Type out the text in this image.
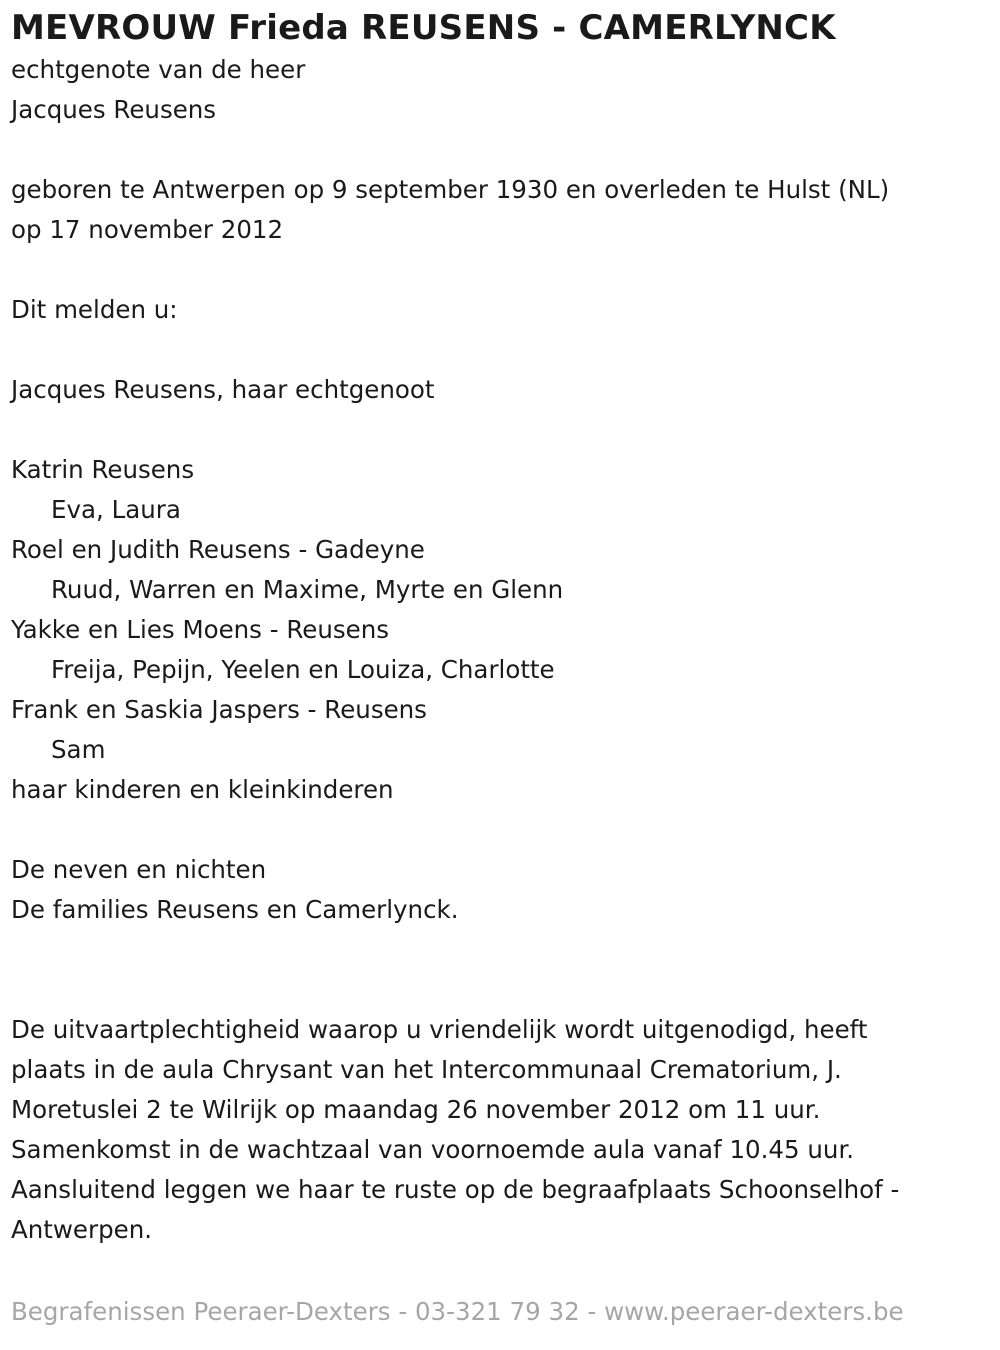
MEVROUW Frieda REUSENS - CAMERLYNCK
echtgenote van de heer
Jacques Reusens
geboren te Antwerpen op 9 september 1930 en overleden te Hulst (NL)
op 17 november 2012
Dit melden u:
Jacques Reusens, haar echtgenoot
Katrin Reusens
Eva, Laura
Roel en Judith Reusens - Gadeyne
Ruud, Warren en Maxime, Myrte en Glenn
Yakke en Lies Moens - Reusens
Freija, Pepijn, Yeelen en Louiza, Charlotte
Frank en Saskia Jaspers - Reusens
Sam
haar kinderen en kleinkinderen
De neven en nichten
De families Reusens en Camerlynck.
De uitvaartplechtigheid waarop u vriendelijk wordt uitgenodigd, heeft
plaats in de aula Chrysant van het Intercommunaal Crematorium, J.
Moretuslei 2 te Wilrijk op maandag 26 november 2012 om 11 uur.
Samenkomst in de wachtzaal van voornoemde aula vanaf 10.45 uur.
Aansluitend leggen we haar te ruste op de begraafplaats Schoonselhof -
Antwerpen.
Begrafenissen Peeraer-Dexters - 03-321 79 32 - www.peeraer-dexters.be
